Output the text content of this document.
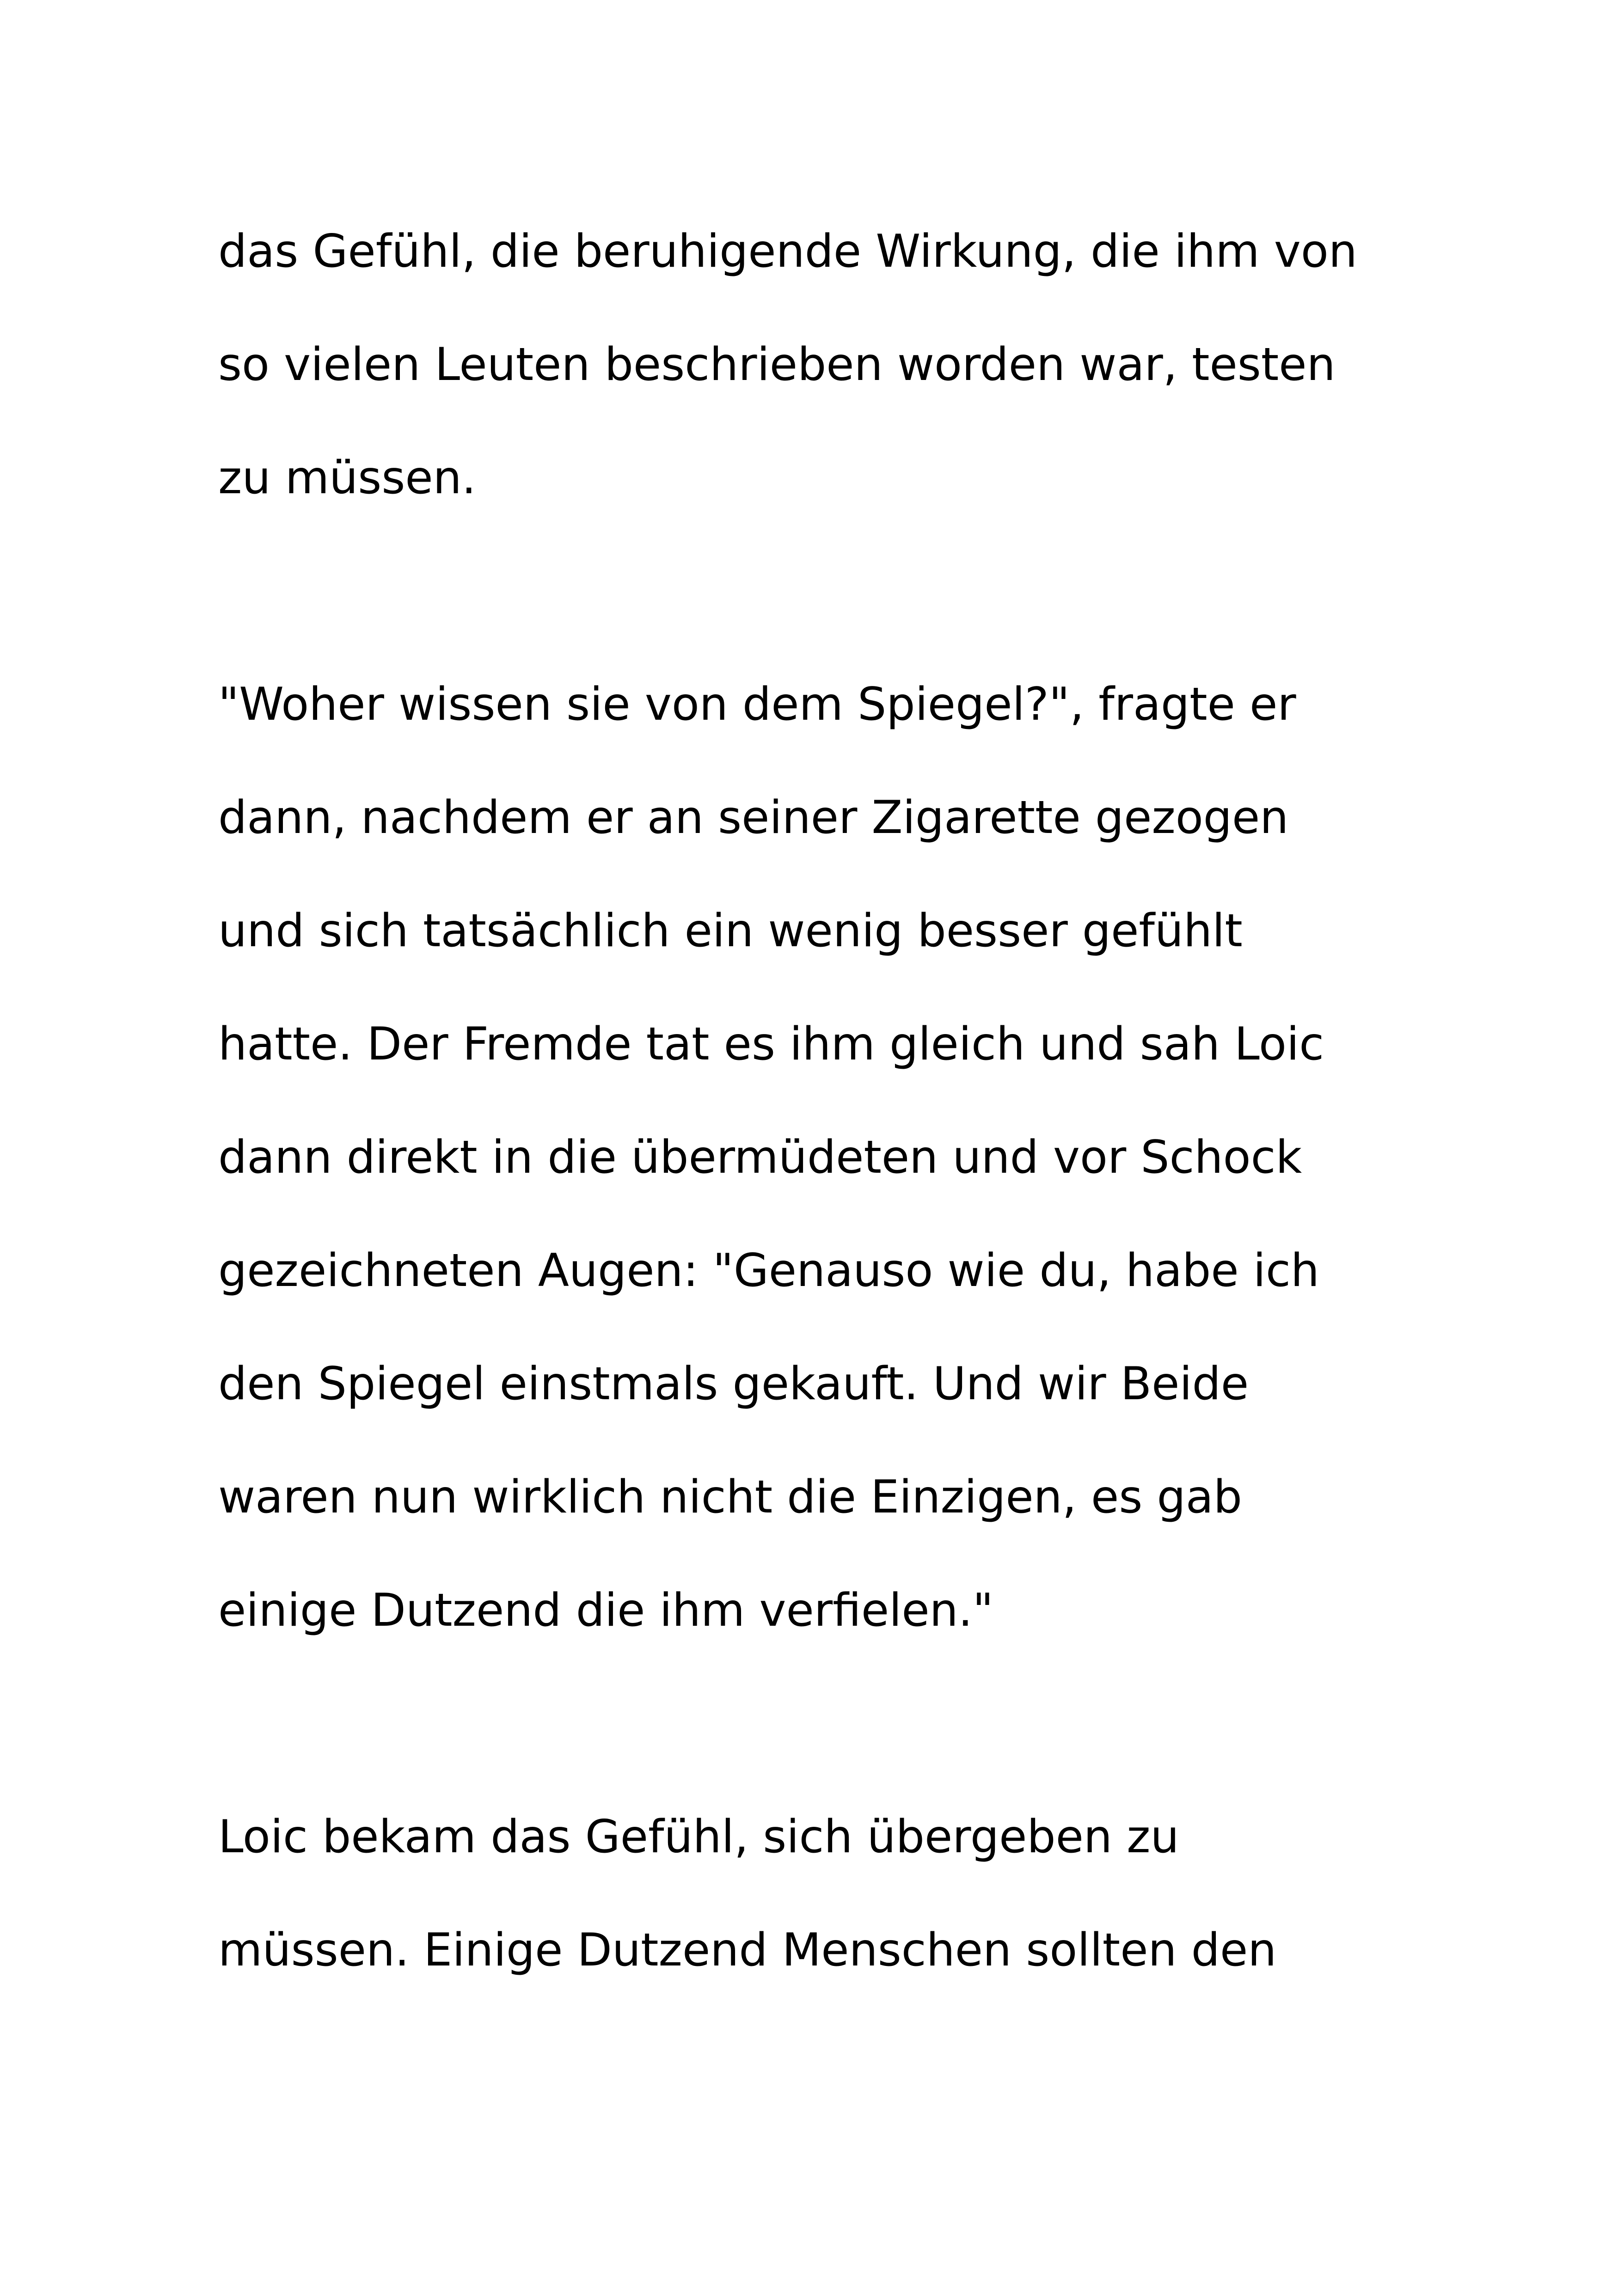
das Gefühl, die beruhigende Wirkung, die ihm von

so vielen Leuten beschrieben worden war, testen

zu müssen.

"Woher wissen sie von dem Spiegel?", fragte er

dann, nachdem er an seiner Zigarette gezogen

und sich tatsächlich ein wenig besser gefühlt

hatte. Der Fremde tat es ihm gleich und sah Loic

dann direkt in die übermüdeten und vor Schock

gezeichneten Augen: "Genauso wie du, habe ich

den Spiegel einstmals gekauft. Und wir Beide

waren nun wirklich nicht die Einzigen, es gab

einige Dutzend die ihm verfielen."

Loic bekam das Gefühl, sich übergeben zu

müssen. Einige Dutzend Menschen sollten den
